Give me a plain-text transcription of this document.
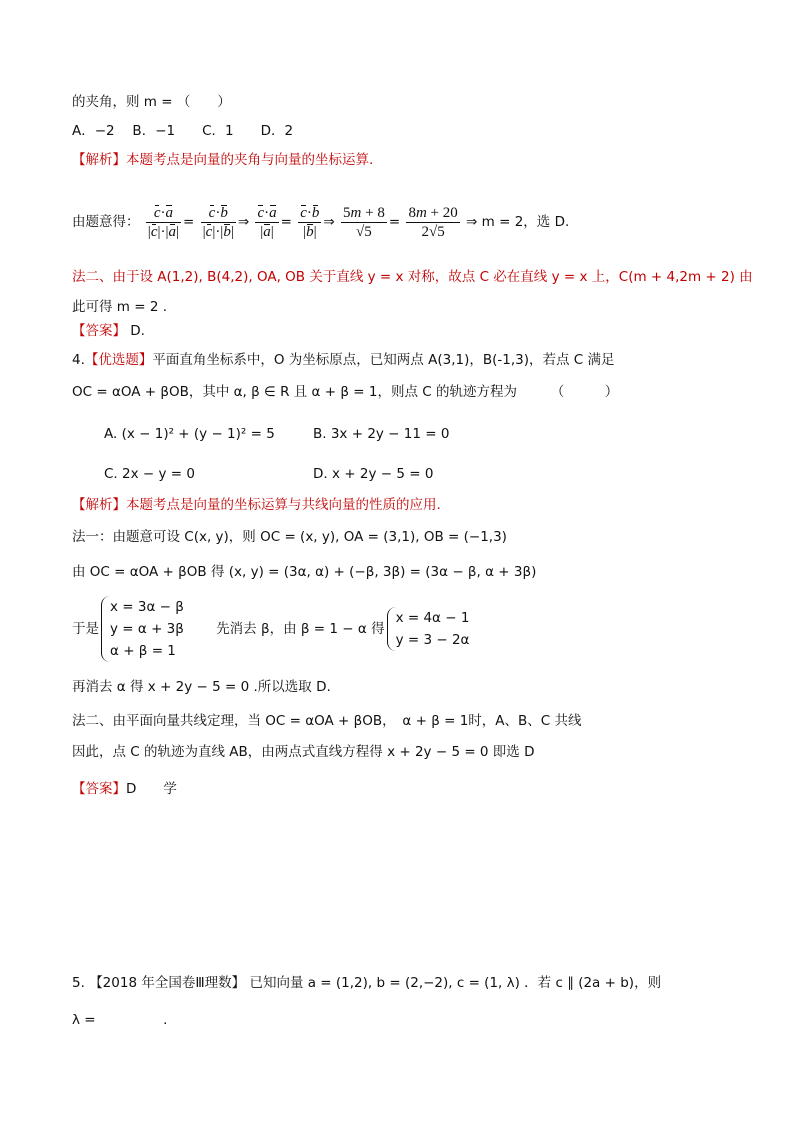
的夹角，则 m = （　　）
A．−2　 B．−1　　C．1　　D．2
【解析】本题考点是向量的夹角与向量的坐标运算.
由题意得： $\frac{c\cdot a}{|c|\cdot|a|} = \frac{c\cdot b}{|c|\cdot|b|}$ ⇒ $\frac{c\cdot a}{|a|} = \frac{c\cdot b}{|b|}$ ⇒ $\frac{5m + 8}{√5} = \frac{8m + 20}{2√5}$ ⇒ m = 2，选 D.
法二、由于设 A(1,2), B(4,2), OA, OB 关于直线 y = x 对称，故点 C 必在直线 y = x 上，C(m + 4,2m + 2) 由
此可得 m = 2 .
【答案】 D.
4.【优选题】平面直角坐标系中，O 为坐标原点，已知两点 A(3,1)，B(-1,3)，若点 C 满足
OC = αOA + βOB，其中 α, β ∈ R 且 α + β = 1，则点 C 的轨迹方程为　　　（　　　）
A. (x − 1)² + (y − 1)² = 5	B. 3x + 2y − 11 = 0
C. 2x − y = 0	D. x + 2y − 5 = 0
【解析】本题考点是向量的坐标运算与共线向量的性质的应用.
法一：由题意可设 C(x, y)，则 OC = (x, y), OA = (3,1), OB = (−1,3)
由 OC = αOA + βOB 得 (x, y) = (3α, α) + (−β, 3β) = (3α − β, α + 3β)
于是
x = 3α − β
y = α + 3β
α + β = 1
先消去 β，由 β = 1 − α 得
x = 4α − 1
y = 3 − 2α
再消去 α 得 x + 2y − 5 = 0 .所以选取 D.
法二、由平面向量共线定理，当 OC = αOA + βOB，　α + β = 1时，A、B、C 共线
因此，点 C 的轨迹为直线 AB，由两点式直线方程得 x + 2y − 5 = 0 即选 D
【答案】D　　学
5. 【2018 年全国卷Ⅲ理数】 已知向量 a = (1,2), b = (2,−2), c = (1, λ) ．若 c ∥ (2a + b)，则
λ =　　　　　.
